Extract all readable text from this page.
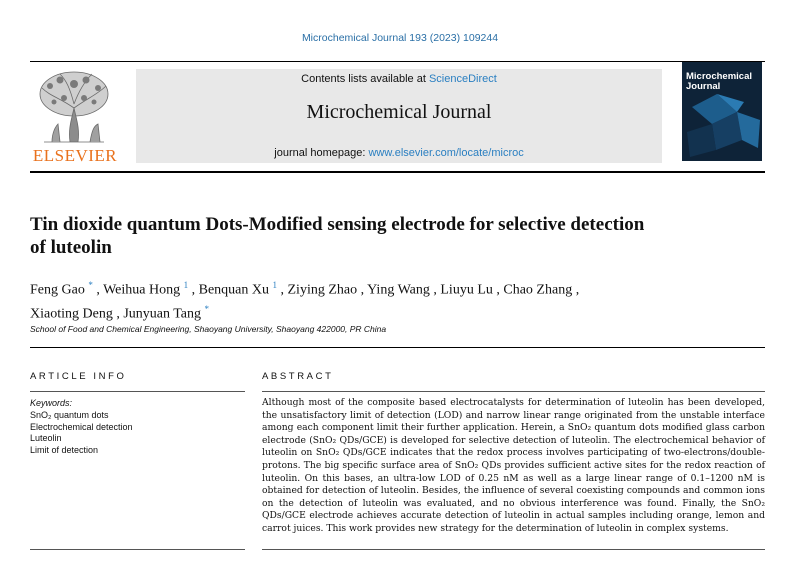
Microchemical Journal 193 (2023) 109244
ELSEVIER
Contents lists available at ScienceDirect
Microchemical Journal
journal homepage: www.elsevier.com/locate/microc
Microchemical
Journal
Tin dioxide quantum Dots-Modified sensing electrode for selective detection of luteolin
Feng Gao * , Weihua Hong $^1$ , Benquan Xu $^1$ , Ziying Zhao , Ying Wang , Liuyu Lu , Chao Zhang ,
Xiaoting Deng , Junyuan Tang *
School of Food and Chemical Engineering, Shaoyang University, Shaoyang 422000, PR China
ARTICLE INFO
Keywords:
SnO₂ quantum dots
Electrochemical detection
Luteolin
Limit of detection
ABSTRACT

Although most of the composite based electrocatalysts for determination of luteolin has been developed, the unsatisfactory limit of detection (LOD) and narrow linear range originated from the unstable interface among each component limit their further application. Herein, a SnO₂ quantum dots modified glass carbon electrode (SnO₂ QDs/GCE) is developed for selective detection of luteolin. The electrochemical behavior of luteolin on SnO₂ QDs/GCE indicates that the redox process involves participating of two-electrons/double-protons. The big specific surface area of SnO₂ QDs provides sufficient active sites for the redox reaction of luteolin. On this bases, an ultra-low LOD of 0.25 nM as well as a large linear range of 0.1–1200 nM is obtained for detection of luteolin. Besides, the influence of several coexisting compounds and common ions on the detection of luteolin was evaluated, and no obvious interference was found. Finally, the SnO₂ QDs/GCE electrode achieves accurate detection of luteolin in actual samples including orange, lemon and carrot juices. This work provides new strategy for the determination of luteolin in complex systems.
